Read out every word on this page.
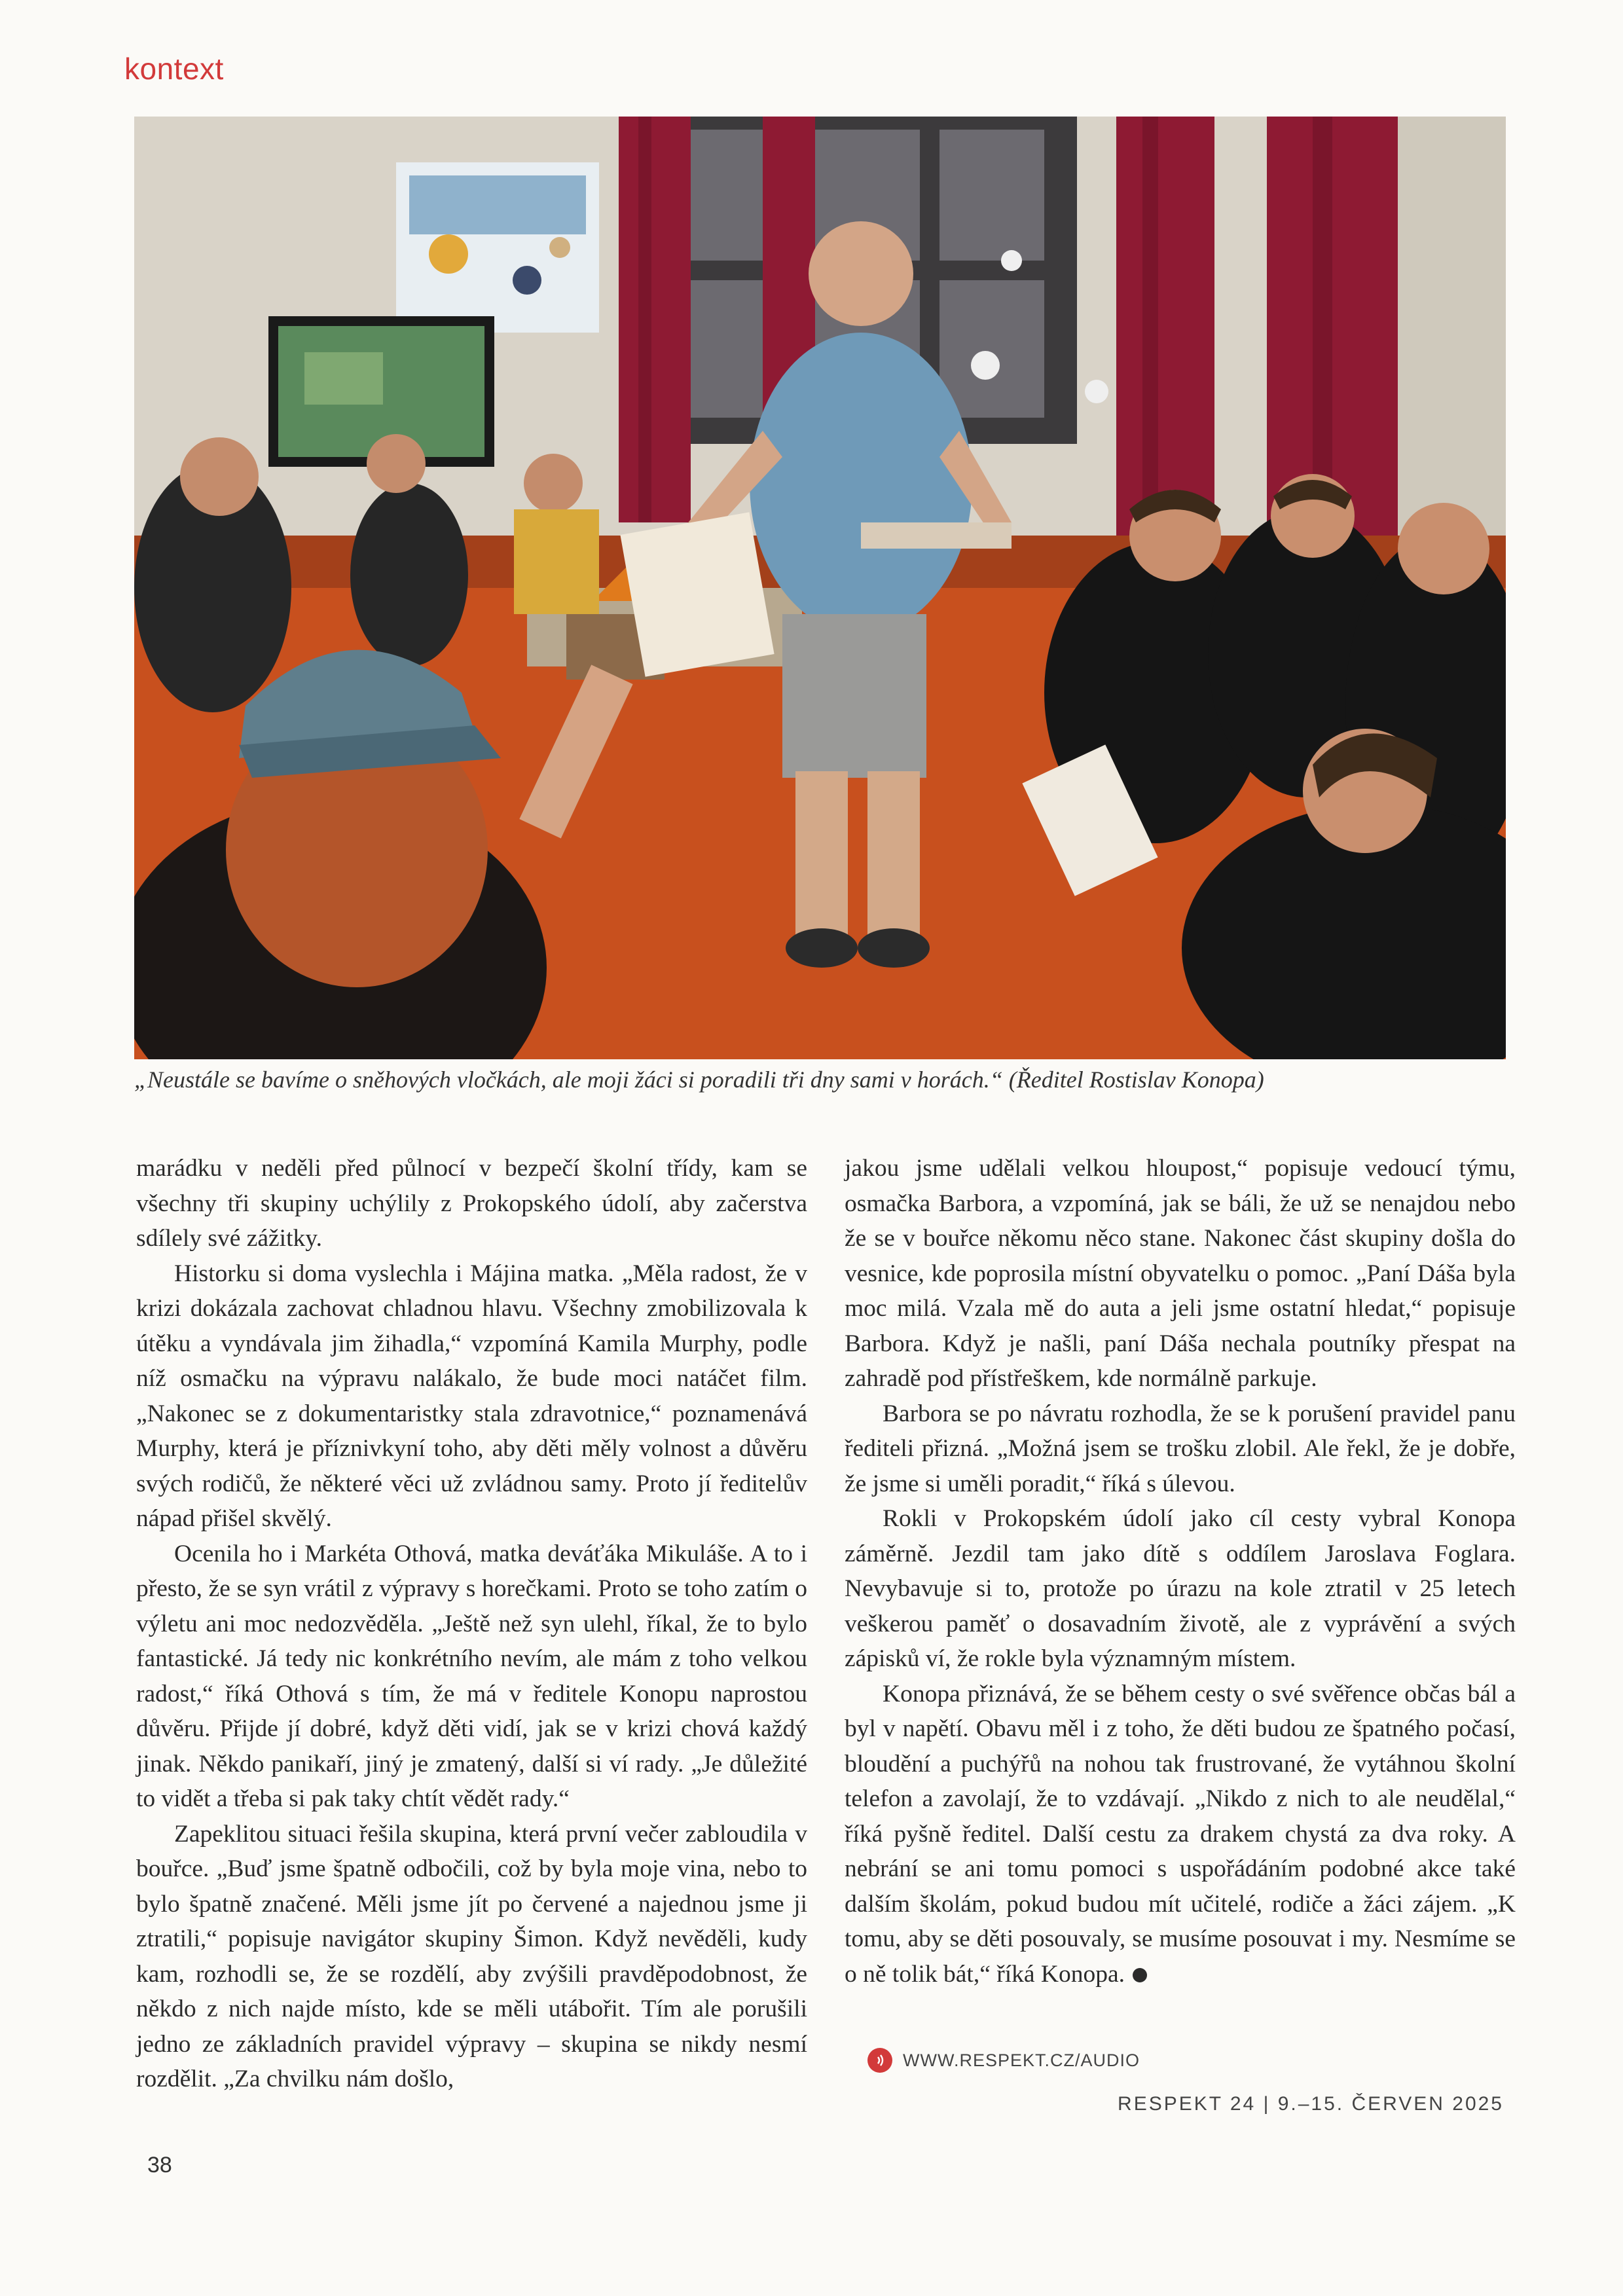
kontext
„Neustále se bavíme o sněhových vločkách, ale moji žáci si poradili tři dny sami v horách.“ (Ředitel Rostislav Konopa)

marádku v neděli před půlnocí v bezpečí školní třídy, kam se všechny tři skupiny uchýlily z Prokopského údolí, aby začerstva sdílely své zážitky.

Historku si doma vyslechla i Májina matka. „Měla radost, že v krizi dokázala zachovat chladnou hlavu. Všechny zmobilizovala k útěku a vyndávala jim žihadla,“ vzpomíná Kamila Murphy, podle níž osmačku na výpravu nalákalo, že bude moci natáčet film. „Nakonec se z dokumentaristky stala zdravotnice,“ poznamenává Murphy, která je příznivkyní toho, aby děti měly volnost a důvěru svých rodičů, že některé věci už zvládnou samy. Proto jí ředitelův nápad přišel skvělý.

Ocenila ho i Markéta Othová, matka deváťáka Mikuláše. A to i přesto, že se syn vrátil z výpravy s horečkami. Proto se toho zatím o výletu ani moc nedozvěděla. „Ještě než syn ulehl, říkal, že to bylo fantastické. Já tedy nic konkrétního nevím, ale mám z toho velkou radost,“ říká Othová s tím, že má v ředitele Konopu naprostou důvěru. Přijde jí dobré, když děti vidí, jak se v krizi chová každý jinak. Někdo panikaří, jiný je zmatený, další si ví rady. „Je důležité to vidět a třeba si pak taky chtít vědět rady.“

Zapeklitou situaci řešila skupina, která první večer zabloudila v bouřce. „Buď jsme špatně odbočili, což by byla moje vina, nebo to bylo špatně značené. Měli jsme jít po červené a najednou jsme ji ztratili,“ popisuje navigátor skupiny Šimon. Když nevěděli, kudy kam, rozhodli se, že se rozdělí, aby zvýšili pravděpodobnost, že někdo z nich najde místo, kde se měli utábořit. Tím ale porušili jedno ze základních pravidel výpravy – skupina se nikdy nesmí rozdělit. „Za chvilku nám došlo,

jakou jsme udělali velkou hloupost,“ popisuje vedoucí týmu, osmačka Barbora, a vzpomíná, jak se báli, že už se nenajdou nebo že se v bouřce někomu něco stane. Nakonec část skupiny došla do vesnice, kde poprosila místní obyvatelku o pomoc. „Paní Dáša byla moc milá. Vzala mě do auta a jeli jsme ostatní hledat,“ popisuje Barbora. Když je našli, paní Dáša nechala poutníky přespat na zahradě pod přístřeškem, kde normálně parkuje.

Barbora se po návratu rozhodla, že se k porušení pravidel panu řediteli přizná. „Možná jsem se trošku zlobil. Ale řekl, že je dobře, že jsme si uměli poradit,“ říká s úlevou.

Rokli v Prokopském údolí jako cíl cesty vybral Konopa záměrně. Jezdil tam jako dítě s oddílem Jaroslava Foglara. Nevybavuje si to, protože po úrazu na kole ztratil v 25 letech veškerou paměť o dosavadním životě, ale z vyprávění a svých zápisků ví, že rokle byla významným místem.

Konopa přiznává, že se během cesty o své svěřence občas bál a byl v napětí. Obavu měl i z toho, že děti budou ze špatného počasí, bloudění a puchýřů na nohou tak frustrované, že vytáhnou školní telefon a zavolají, že to vzdávají. „Nikdo z nich to ale neudělal,“ říká pyšně ředitel. Další cestu za drakem chystá za dva roky. A nebrání se ani tomu pomoci s uspořádáním podobné akce také dalším školám, pokud budou mít učitelé, rodiče a žáci zájem. „K tomu, aby se děti posouvaly, se musíme posouvat i my. Nesmíme se o ně tolik bát,“ říká Konopa.

WWW.RESPEKT.CZ/AUDIO
38
RESPEKT 24 | 9.–15. ČERVEN 2025
